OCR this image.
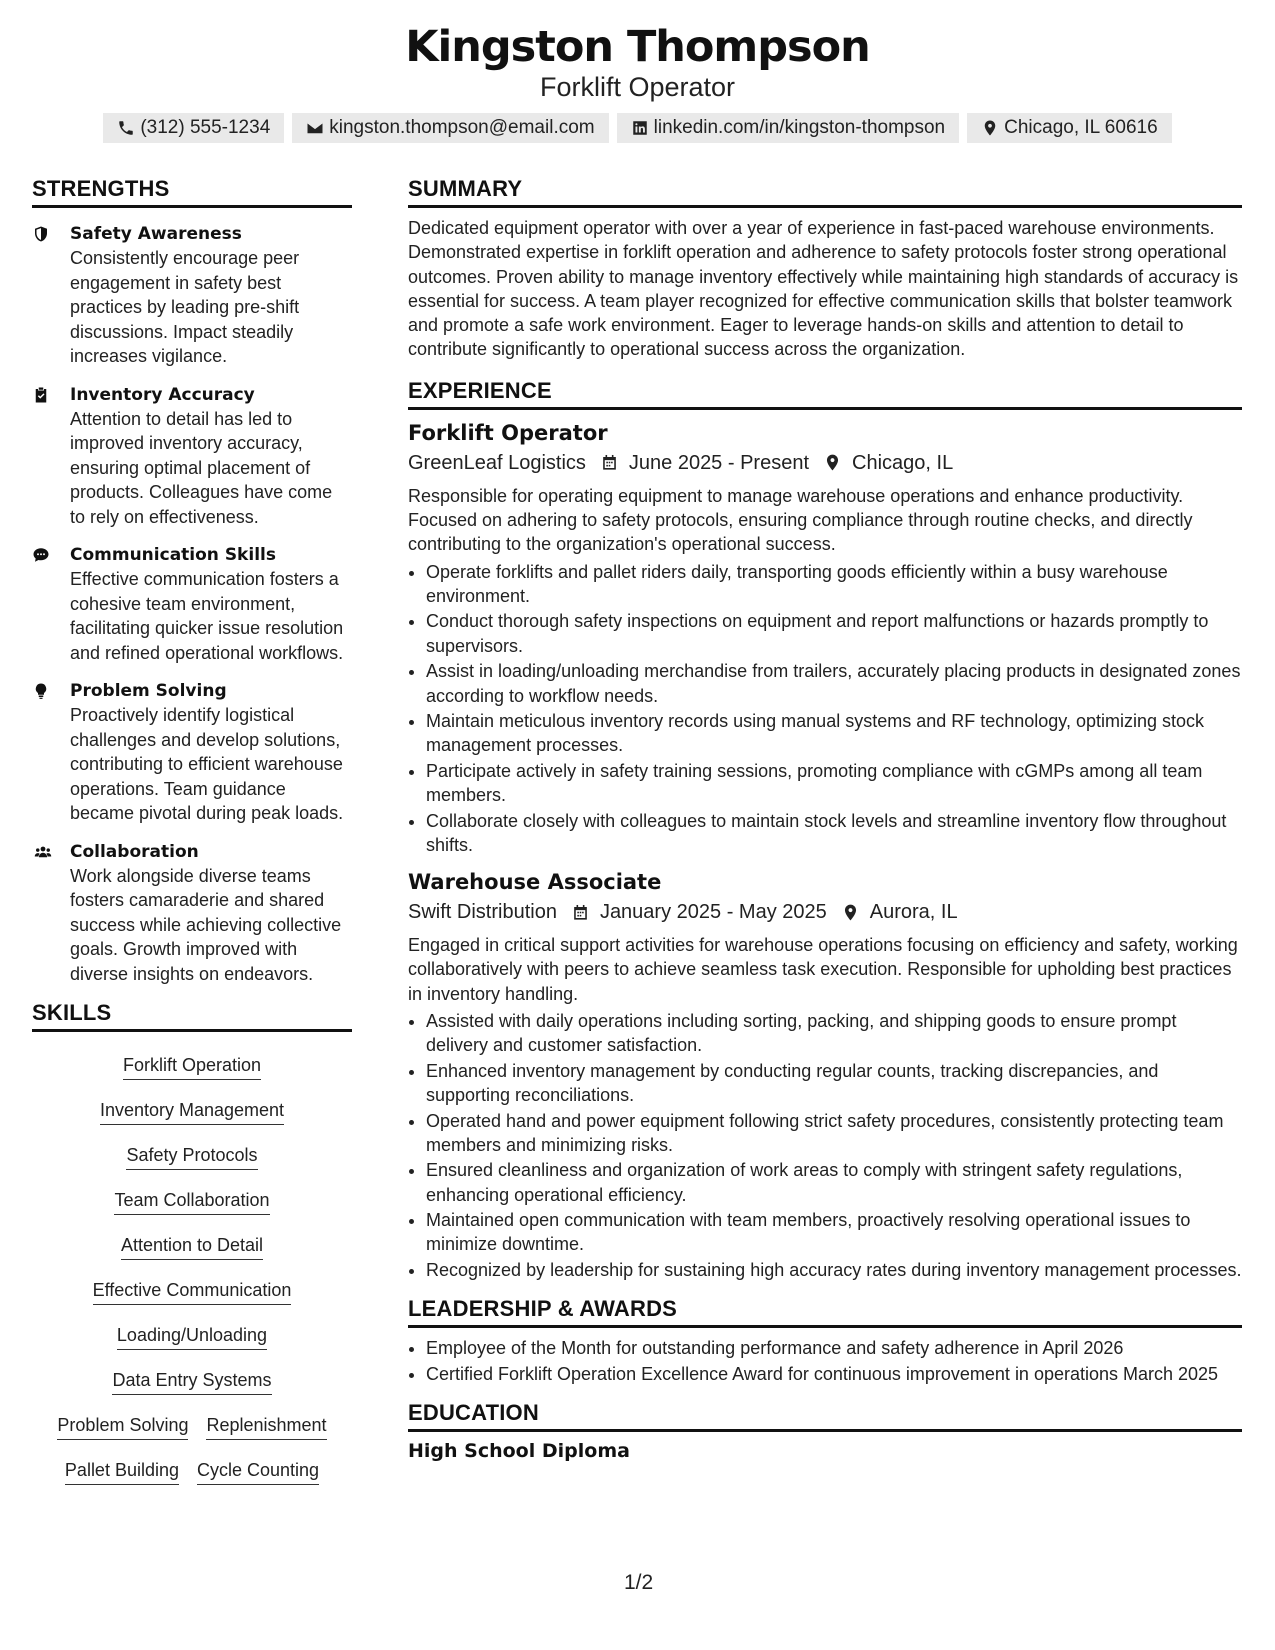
Kingston Thompson
Forklift Operator
(312) 555-1234	kingston.thompson@email.com	linkedin.com/in/kingston-thompson	Chicago, IL 60616
STRENGTHS
Safety Awareness
Consistently encourage peer engagement in safety best practices by leading pre-shift discussions. Impact steadily increases vigilance.
Inventory Accuracy
Attention to detail has led to improved inventory accuracy, ensuring optimal placement of products. Colleagues have come to rely on effectiveness.
Communication Skills
Effective communication fosters a cohesive team environment, facilitating quicker issue resolution and refined operational workflows.
Problem Solving
Proactively identify logistical challenges and develop solutions, contributing to efficient warehouse operations. Team guidance became pivotal during peak loads.
Collaboration
Work alongside diverse teams fosters camaraderie and shared success while achieving collective goals. Growth improved with diverse insights on endeavors.
SKILLS
Forklift Operation
Inventory Management
Safety Protocols
Team Collaboration
Attention to Detail
Effective Communication
Loading/Unloading
Data Entry Systems
Problem Solving Replenishment
Pallet Building Cycle Counting
SUMMARY
Dedicated equipment operator with over a year of experience in fast-paced warehouse environments. Demonstrated expertise in forklift operation and adherence to safety protocols foster strong operational outcomes. Proven ability to manage inventory effectively while maintaining high standards of accuracy is essential for success. A team player recognized for effective communication skills that bolster teamwork and promote a safe work environment. Eager to leverage hands-on skills and attention to detail to contribute significantly to operational success across the organization.
EXPERIENCE
Forklift Operator
GreenLeaf Logistics June 2025 - Present Chicago, IL
Responsible for operating equipment to manage warehouse operations and enhance productivity. Focused on adhering to safety protocols, ensuring compliance through routine checks, and directly contributing to the organization's operational success.
• Operate forklifts and pallet riders daily, transporting goods efficiently within a busy warehouse environment.
• Conduct thorough safety inspections on equipment and report malfunctions or hazards promptly to supervisors.
• Assist in loading/unloading merchandise from trailers, accurately placing products in designated zones according to workflow needs.
• Maintain meticulous inventory records using manual systems and RF technology, optimizing stock management processes.
• Participate actively in safety training sessions, promoting compliance with cGMPs among all team members.
• Collaborate closely with colleagues to maintain stock levels and streamline inventory flow throughout shifts.
Warehouse Associate
Swift Distribution January 2025 - May 2025 Aurora, IL
Engaged in critical support activities for warehouse operations focusing on efficiency and safety, working collaboratively with peers to achieve seamless task execution. Responsible for upholding best practices in inventory handling.
• Assisted with daily operations including sorting, packing, and shipping goods to ensure prompt delivery and customer satisfaction.
• Enhanced inventory management by conducting regular counts, tracking discrepancies, and supporting reconciliations.
• Operated hand and power equipment following strict safety procedures, consistently protecting team members and minimizing risks.
• Ensured cleanliness and organization of work areas to comply with stringent safety regulations, enhancing operational efficiency.
• Maintained open communication with team members, proactively resolving operational issues to minimize downtime.
• Recognized by leadership for sustaining high accuracy rates during inventory management processes.
LEADERSHIP & AWARDS
• Employee of the Month for outstanding performance and safety adherence in April 2026
• Certified Forklift Operation Excellence Award for continuous improvement in operations March 2025
EDUCATION
High School Diploma
1/2
